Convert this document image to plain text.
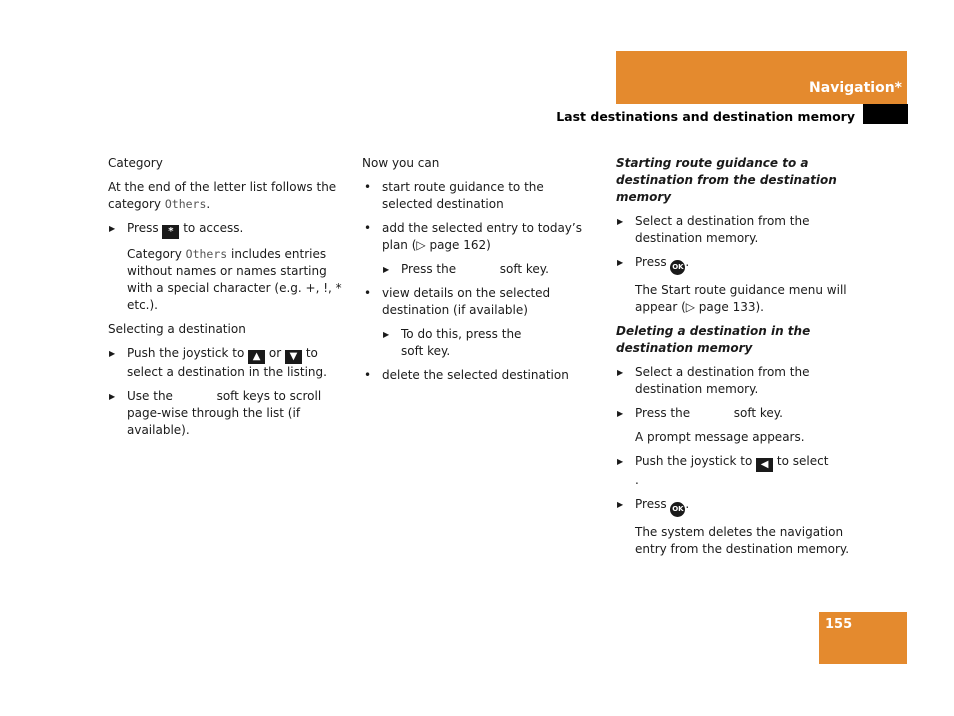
Navigation*
Last destinations and destination memory

Category

At the end of the letter list follows the category Others.

▶ Press * to access.

Category Others includes entries without names or names starting with a special character (e.g. +, !, * etc.).

Selecting a destination

▶ Push the joystick to ▲ or ▼ to select a destination in the listing.
▶ Use the	soft keys to scroll page-wise through the list (if available).

Now you can

• start route guidance to the selected destination
• add the selected entry to today’s plan (▷ page 162)
▶ Press the	soft key.
• view details on the selected destination (if available)
▶ To do this, press the  soft key.
• delete the selected destination

Starting route guidance to a destination from the destination memory

▶ Select a destination from the destination memory.
▶ Press OK .

The Start route guidance menu will appear (▷ page 133).

Deleting a destination in the destination memory

▶ Select a destination from the destination memory.
▶ Press the	soft key.

A prompt message appears.

▶ Push the joystick to ◀ to select .
▶ Press OK .

The system deletes the navigation entry from the destination memory.

155
